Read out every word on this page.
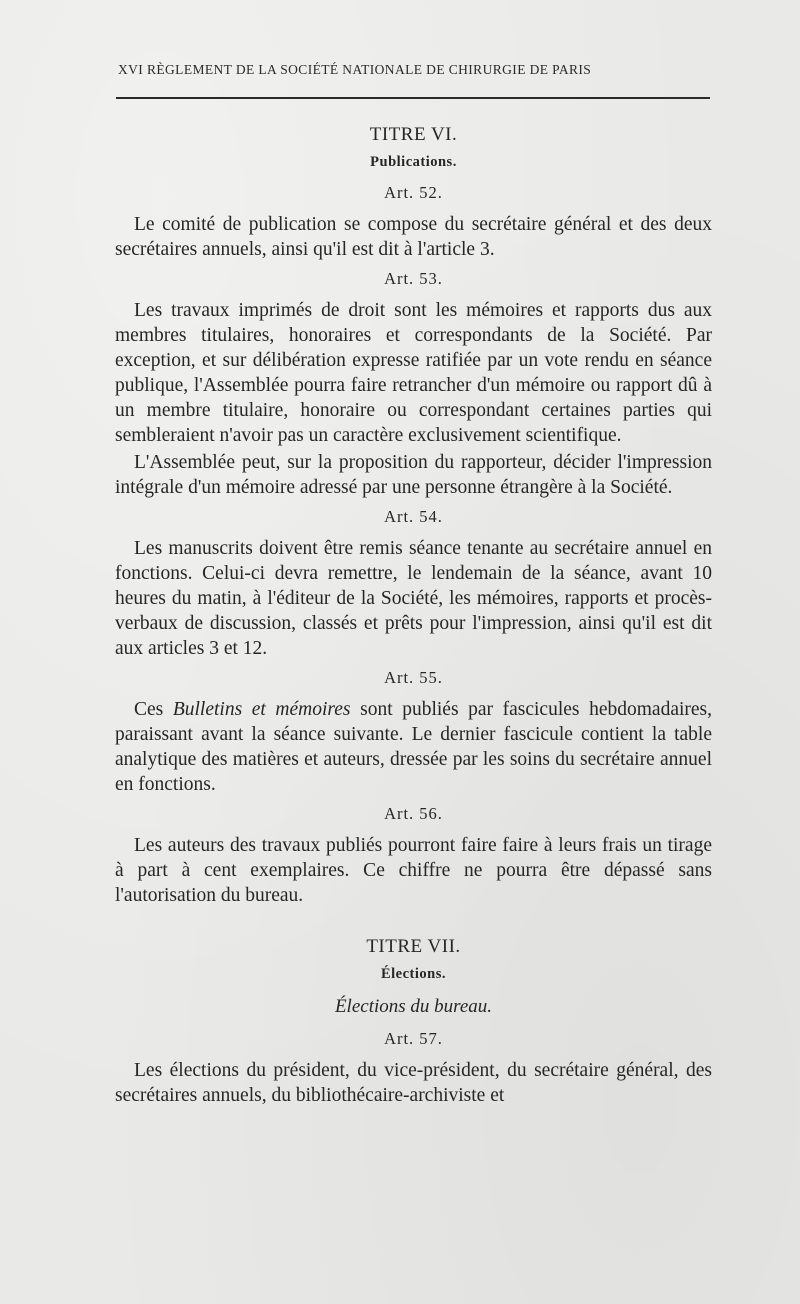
XVI RÈGLEMENT DE LA SOCIÉTÉ NATIONALE DE CHIRURGIE DE PARIS
TITRE VI.
Publications.
Art. 52.

Le comité de publication se compose du secrétaire général et des deux secrétaires annuels, ainsi qu'il est dit à l'article 3.

Art. 53.

Les travaux imprimés de droit sont les mémoires et rapports dus aux membres titulaires, honoraires et correspondants de la Société. Par exception, et sur délibération expresse ratifiée par un vote rendu en séance publique, l'Assemblée pourra faire retrancher d'un mémoire ou rapport dû à un membre titulaire, honoraire ou correspondant certaines parties qui sembleraient n'avoir pas un caractère exclusivement scientifique.

L'Assemblée peut, sur la proposition du rapporteur, décider l'impression intégrale d'un mémoire adressé par une personne étrangère à la Société.

Art. 54.

Les manuscrits doivent être remis séance tenante au secrétaire annuel en fonctions. Celui-ci devra remettre, le lendemain de la séance, avant 10 heures du matin, à l'éditeur de la Société, les mémoires, rapports et procès-verbaux de discussion, classés et prêts pour l'impression, ainsi qu'il est dit aux articles 3 et 12.

Art. 55.

Ces Bulletins et mémoires sont publiés par fascicules hebdomadaires, paraissant avant la séance suivante. Le dernier fascicule contient la table analytique des matières et auteurs, dressée par les soins du secrétaire annuel en fonctions.

Art. 56.

Les auteurs des travaux publiés pourront faire faire à leurs frais un tirage à part à cent exemplaires. Ce chiffre ne pourra être dépassé sans l'autorisation du bureau.

TITRE VII.
Élections.
Élections du bureau.
Art. 57.

Les élections du président, du vice-président, du secrétaire général, des secrétaires annuels, du bibliothécaire-archiviste et
